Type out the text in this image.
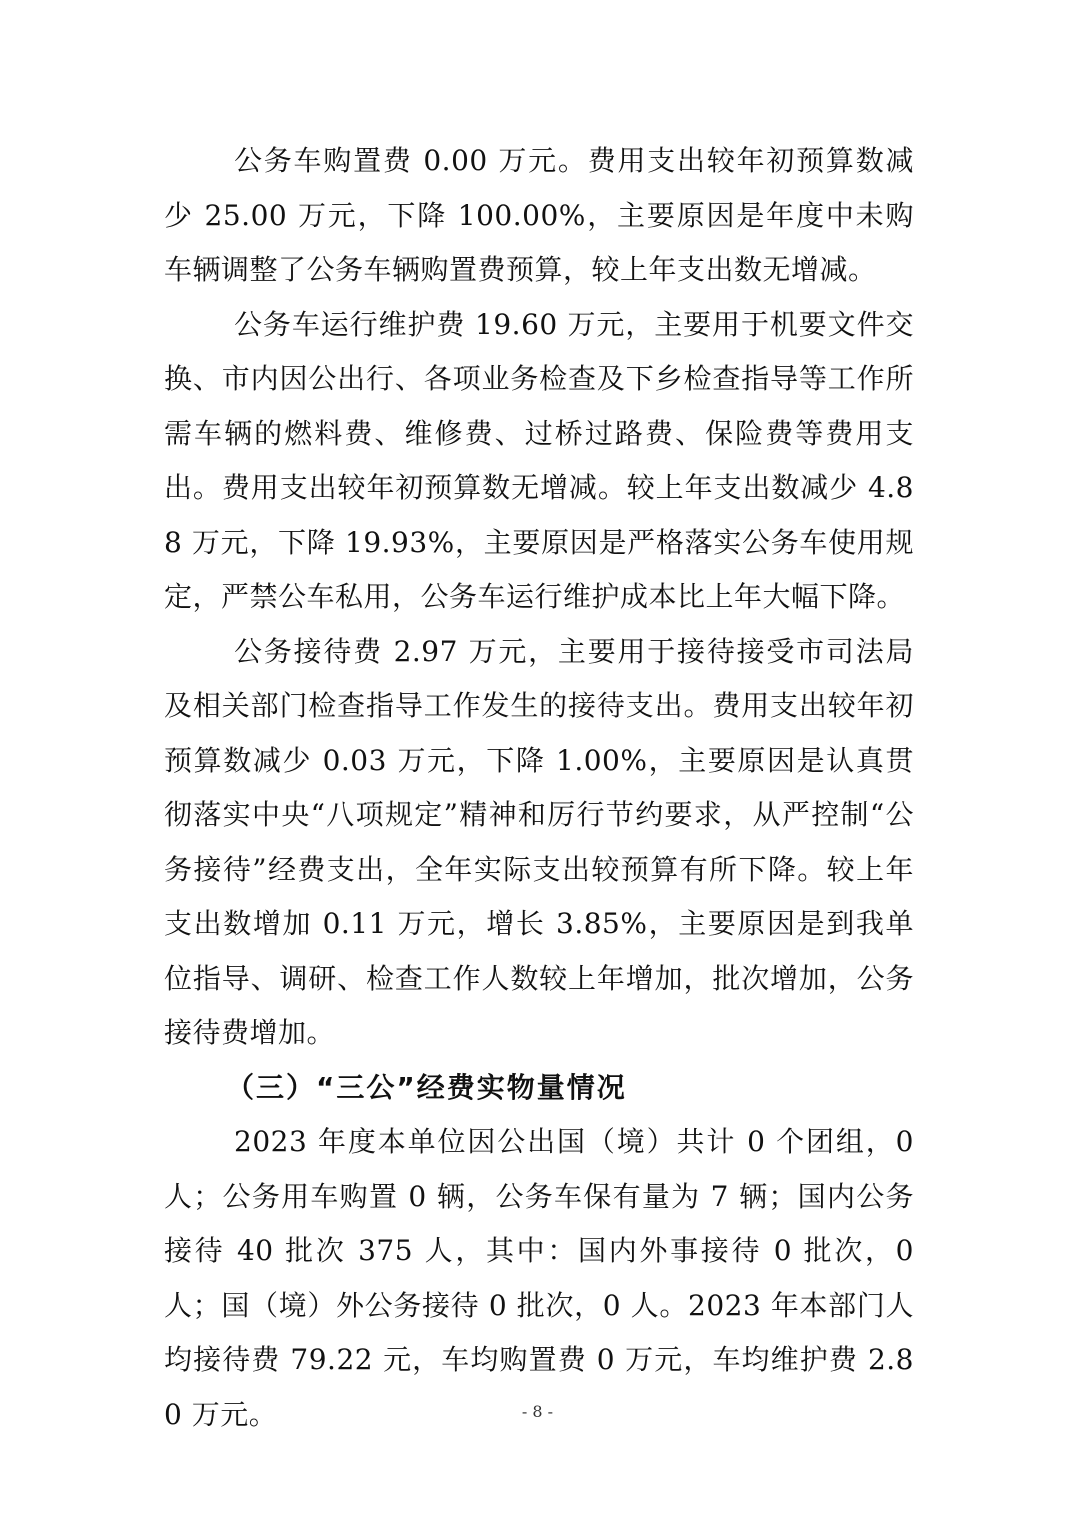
公务车购置费 0.00 万元。费用支出较年初预算数减少 25.00 万元，下降 100.00%，主要原因是年度中未购车辆调整了公务车辆购置费预算，较上年支出数无增减。

公务车运行维护费 19.60 万元，主要用于机要文件交换、市内因公出行、各项业务检查及下乡检查指导等工作所需车辆的燃料费、维修费、过桥过路费、保险费等费用支出。费用支出较年初预算数无增减。较上年支出数减少 4.88 万元，下降 19.93%，主要原因是严格落实公务车使用规定，严禁公车私用，公务车运行维护成本比上年大幅下降。

公务接待费 2.97 万元，主要用于接待接受市司法局及相关部门检查指导工作发生的接待支出。费用支出较年初预算数减少 0.03 万元，下降 1.00%，主要原因是认真贯彻落实中央“八项规定”精神和厉行节约要求，从严控制“公务接待”经费支出，全年实际支出较预算有所下降。较上年支出数增加 0.11 万元，增长 3.85%，主要原因是到我单位指导、调研、检查工作人数较上年增加，批次增加，公务接待费增加。

（三）“三公”经费实物量情况

2023 年度本单位因公出国（境）共计 0 个团组，0 人；公务用车购置 0 辆，公务车保有量为 7 辆；国内公务接待 40 批次 375 人，其中：国内外事接待 0 批次，0 人；国（境）外公务接待 0 批次，0 人。2023 年本部门人均接待费 79.22 元，车均购置费 0 万元，车均维护费 2.80 万元。	- 8 -
